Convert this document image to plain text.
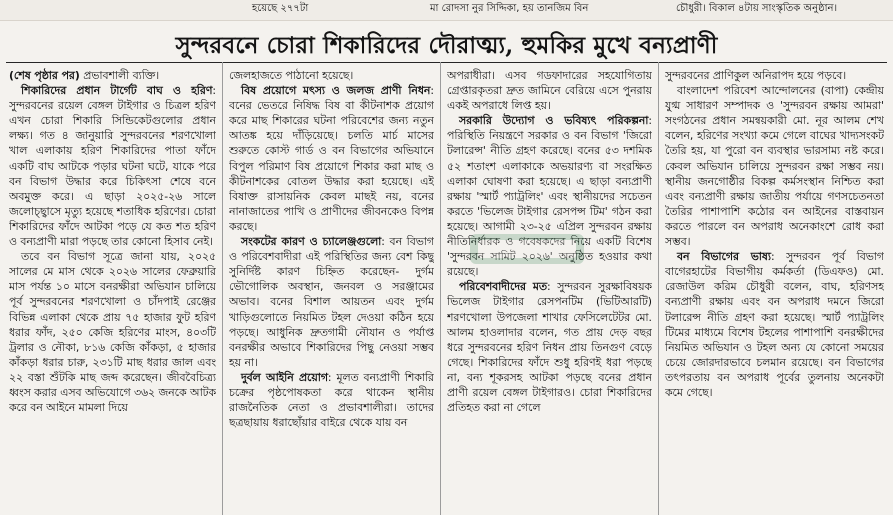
হয়েছে ২৭৭টা	মা রোদসা নুর সিদ্দিকা, হয় তানজিম বিন	চৌধুরী। বিকাল ৪টায় সাংস্কৃতিক অনুষ্ঠান।
সুন্দরবনে চোরা শিকারিদের দৌরাত্ম্য, হুমকির মুখে বন্যপ্রাণী

(শেষ পৃষ্ঠার পর) প্রভাবশালী ব্যক্তি।

শিকারিদের প্রধান টার্গেট বাঘ ও হরিণ: সুন্দরবনের রয়েল বেঙ্গল টাইগার ও চিত্রল হরিণ এখন চোরা শিকারি সিন্ডিকেটগুলোর প্রধান লক্ষ্য। গত ৪ জানুয়ারি সুন্দরবনের শরণখোলা খাল এলাকায় হরিণ শিকারিদের পাতা ফাঁদে একটি বাঘ আটকে পড়ার ঘটনা ঘটে, যাকে পরে বন বিভাগ উদ্ধার করে চিকিৎসা শেষে বনে অবমুক্ত করে। এ ছাড়া ২০২৫-২৬ সালে জলোচ্ছ্বাসে মৃত্যু হয়েছে শতাধিক হরিণের। চোরা শিকারিদের ফাঁদে আটকা পড়ে যে কত শত হরিণ ও বন্যপ্রাণী মারা পড়ছে তার কোনো হিসাব নেই।

তবে বন বিভাগ সূত্রে জানা যায়, ২০২৫ সালের মে মাস থেকে ২০২৬ সালের ফেব্রুয়ারি মাস পর্যন্ত ১০ মাসে বনরক্ষীরা অভিযান চালিয়ে পূর্ব সুন্দরবনের শরণখোলা ও চাঁদপাই রেঞ্জের বিভিন্ন এলাকা থেকে প্রায় ৭৫ হাজার ফুট হরিণ ধরার ফাঁদ, ২৫০ কেজি হরিণের মাংস, ৪০৩টি ট্রলার ও নৌকা, ৮১৬ কেজি কাঁকড়া, ৫ হাজার কাঁকড়া ধরার চারু, ২৩১টি মাছ ধরার জাল এবং ২২ বস্তা শুঁটকি মাছ জব্দ করেছেন। জীববৈচিত্র্য ধ্বংস করার এসব অভিযোগে ৩৬২ জনকে আটক করে বন আইনে মামলা দিয়ে

জেলহাজতে পাঠানো হয়েছে।

বিষ প্রয়োগে মৎস্য ও জলজ প্রাণী নিধন: বনের ভেতরে নিষিদ্ধ বিষ বা কীটনাশক প্রয়োগ করে মাছ শিকারের ঘটনা পরিবেশের জন্য নতুন আতঙ্ক হয়ে দাঁড়িয়েছে। চলতি মার্চ মাসের শুরুতে কোস্ট গার্ড ও বন বিভাগের অভিযানে বিপুল পরিমাণ বিষ প্রয়োগে শিকার করা মাছ ও কীটনাশকের বোতল উদ্ধার করা হয়েছে। এই বিষাক্ত রাসায়নিক কেবল মাছই নয়, বনের নানাজাতের পাখি ও প্রাণীদের জীবনকেও বিপন্ন করছে।

সংকটের কারণ ও চ্যালেঞ্জগুলো: বন বিভাগ ও পরিবেশবাদীরা এই পরিস্থিতির জন্য বেশ কিছু সুনির্দিষ্ট কারণ চিহ্নিত করেছেন- দুর্গম ভৌগোলিক অবস্থান, জনবল ও সরঞ্জামের অভাব। বনের বিশাল আয়তন এবং দুর্গম খাড়িগুলোতে নিয়মিত টহল দেওয়া কঠিন হয়ে পড়ছে। আধুনিক দ্রুতগামী নৌযান ও পর্যাপ্ত বনরক্ষীর অভাবে শিকারিদের পিছু নেওয়া সম্ভব হয় না।

দুর্বল আইনি প্রয়োগ: মূলত বন্যপ্রাণী শিকারি চক্রের পৃষ্ঠপোষকতা করে থাকেন স্থানীয় রাজনৈতিক নেতা ও প্রভাবশালীরা। তাদের ছত্রছায়ায় ধরাছোঁয়ার বাইরে থেকে যায় বন

অপরাধীরা। এসব গডফাদারের সহযোগিতায় গ্রেপ্তারকৃতরা দ্রুত জামিনে বেরিয়ে এসে পুনরায় একই অপরাধে লিপ্ত হয়।

সরকারি উদ্যোগ ও ভবিষ্যৎ পরিকল্পনা: পরিস্থিতি নিয়ন্ত্রণে সরকার ও বন বিভাগ 'জিরো টলারেন্স' নীতি গ্রহণ করেছে। বনের ৫৩ দশমিক ৫২ শতাংশ এলাকাকে অভয়ারণ্য বা সংরক্ষিত এলাকা ঘোষণা করা হয়েছে। এ ছাড়া বন্যপ্রাণী রক্ষায় 'স্মার্ট প্যাট্রলিং' এবং স্থানীয়দের সচেতন করতে 'ভিলেজ টাইগার রেসপন্স টিম' গঠন করা হয়েছে। আগামী ২৩-২৫ এপ্রিল সুন্দরবন রক্ষায় নীতিনির্ধারক ও গবেষকদের নিয়ে একটি বিশেষ 'সুন্দরবন সামিট ২০২৬' অনুষ্ঠিত হওয়ার কথা রয়েছে।

পরিবেশবাদীদের মত: সুন্দরবন সুরক্ষাবিষয়ক ভিলেজ টাইগার রেসপনটিম (ভিটিআরটি) শরণখোলা উপজেলা শাখার ফেসিলেটেটর মো. আলম হাওলাদার বলেন, গত প্রায় দেড় বছর ধরে সুন্দরবনের হরিণ নিধন প্রায় তিনগুণ বেড়ে গেছে। শিকারিদের ফাঁদে শুধু হরিণই ধরা পড়ছে না, বন্য শূকরসহ আটকা পড়ছে বনের প্রধান প্রাণী রয়েল বেঙ্গল টাইগারও। চোরা শিকারিদের প্রতিহত করা না গেলে

সুন্দরবনের প্রাণিকুল অনিরাপদ হয়ে পড়বে।

বাংলাদেশ পরিবেশ আন্দোলনের (বাপা) কেন্দ্রীয় যুগ্ম সাধারণ সম্পাদক ও 'সুন্দরবন রক্ষায় আমরা' সংগঠনের প্রধান সমন্বয়কারী মো. নূর আলম শেখ বলেন, হরিণের সংখ্যা কমে গেলে বাঘের খাদ্যসংকট তৈরি হয়, যা পুরো বন ব্যবস্থার ভারসাম্য নষ্ট করে। কেবল অভিযান চালিয়ে সুন্দরবন রক্ষা সম্ভব নয়। স্থানীয় জনগোষ্ঠীর বিকল্প কর্মসংস্থান নিশ্চিত করা এবং বন্যপ্রাণী রক্ষায় জাতীয় পর্যায়ে গণসচেতনতা তৈরির পাশাপাশি কঠোর বন আইনের বাস্তবায়ন করতে পারলে বন অপরাধ অনেকাংশে রোধ করা সম্ভব।

বন বিভাগের ভাষ্য: সুন্দরবন পূর্ব বিভাগ বাগেরহাটের বিভাগীয় কর্মকর্তা (ডিএফও) মো. রেজাউল করিম চৌধুরী বলেন, বাঘ, হরিণসহ বন্যপ্রাণী রক্ষায় এবং বন অপরাধ দমনে জিরো টলারেন্স নীতি গ্রহণ করা হয়েছে। স্মার্ট প্যাট্রলিং টিমের মাধ্যমে বিশেষ টহলের পাশাপাশি বনরক্ষীদের নিয়মিত অভিযান ও টহল অন্য যে কোনো সময়ের চেয়ে জোরদারভাবে চলমান রয়েছে। বন বিভাগের তৎপরতায় বন অপরাধ পূর্বের তুলনায় অনেকটা কমে গেছে।
